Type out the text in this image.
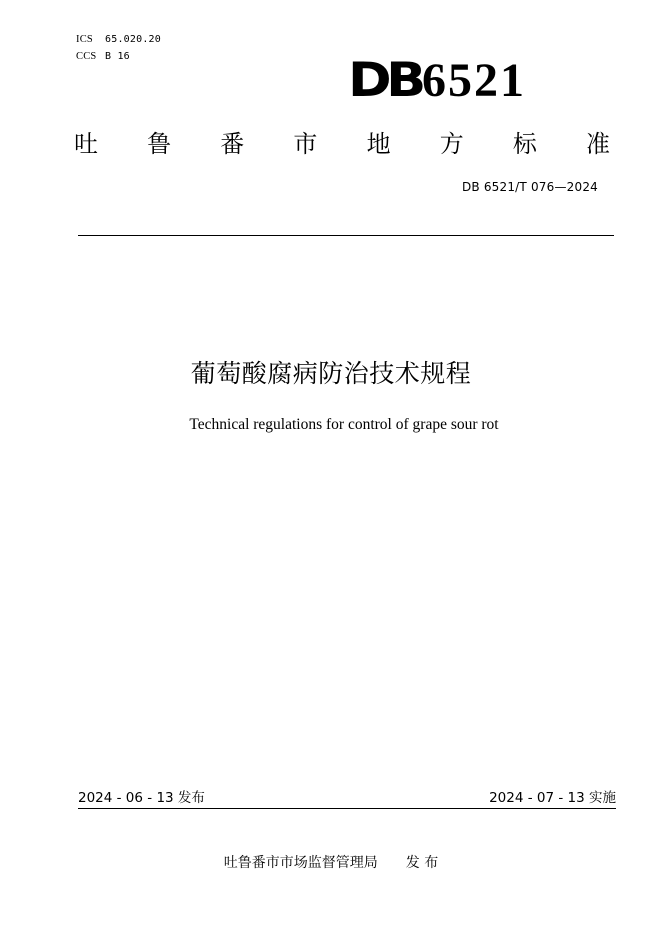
ICS 65.020.20
CCS B 16	DB 6521
吐 鲁 番 市 地 方 标 准
DB 6521/T 076—2024
葡萄酸腐病防治技术规程
Technical regulations for control of grape sour rot
2024 - 06 - 13 发布	2024 - 07 - 13 实施
吐鲁番市市场监督管理局 发 布
